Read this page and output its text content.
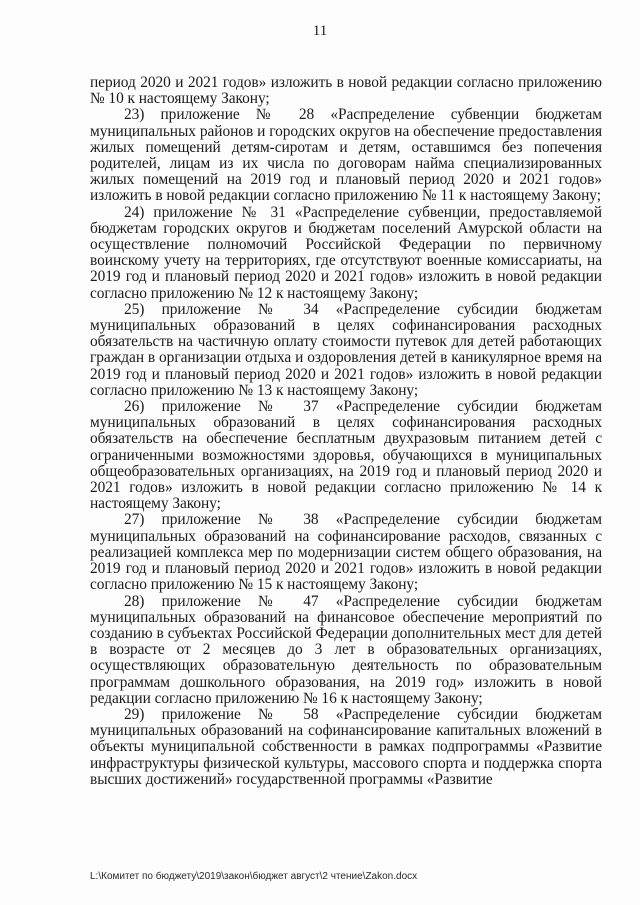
11

период 2020 и 2021 годов» изложить в новой редакции согласно приложению № 10 к настоящему Закону;

23) приложение № 28 «Распределение субвенции бюджетам муниципальных районов и городских округов на обеспечение предоставления жилых помещений детям-сиротам и детям, оставшимся без попечения родителей, лицам из их числа по договорам найма специализированных жилых помещений на 2019 год и плановый период 2020 и 2021 годов» изложить в новой редакции согласно приложению № 11 к настоящему Закону;

24) приложение № 31 «Распределение субвенции, предоставляемой бюджетам городских округов и бюджетам поселений Амурской области на осуществление полномочий Российской Федерации по первичному воинскому учету на территориях, где отсутствуют военные комиссариаты, на 2019 год и плановый период 2020 и 2021 годов» изложить в новой редакции согласно приложению № 12 к настоящему Закону;

25) приложение № 34 «Распределение субсидии бюджетам муниципальных образований в целях софинансирования расходных обязательств на частичную оплату стоимости путевок для детей работающих граждан в организации отдыха и оздоровления детей в каникулярное время на 2019 год и плановый период 2020 и 2021 годов» изложить в новой редакции согласно приложению № 13 к настоящему Закону;

26) приложение № 37 «Распределение субсидии бюджетам муниципальных образований в целях софинансирования расходных обязательств на обеспечение бесплатным двухразовым питанием детей с ограниченными возможностями здоровья, обучающихся в муниципальных общеобразовательных организациях, на 2019 год и плановый период 2020 и 2021 годов» изложить в новой редакции согласно приложению № 14 к настоящему Закону;

27) приложение № 38 «Распределение субсидии бюджетам муниципальных образований на софинансирование расходов, связанных с реализацией комплекса мер по модернизации систем общего образования, на 2019 год и плановый период 2020 и 2021 годов» изложить в новой редакции согласно приложению № 15 к настоящему Закону;

28) приложение № 47 «Распределение субсидии бюджетам муниципальных образований на финансовое обеспечение мероприятий по созданию в субъектах Российской Федерации дополнительных мест для детей в возрасте от 2 месяцев до 3 лет в образовательных организациях, осуществляющих образовательную деятельность по образовательным программам дошкольного образования, на 2019 год» изложить в новой редакции согласно приложению № 16 к настоящему Закону;

29) приложение № 58 «Распределение субсидии бюджетам муниципальных образований на софинансирование капитальных вложений в объекты муниципальной собственности в рамках подпрограммы «Развитие инфраструктуры физической культуры, массового спорта и поддержка спорта высших достижений» государственной программы «Развитие

L:\Комитет по бюджету\2019\закон\бюджет август\2 чтение\Zakon.docx
